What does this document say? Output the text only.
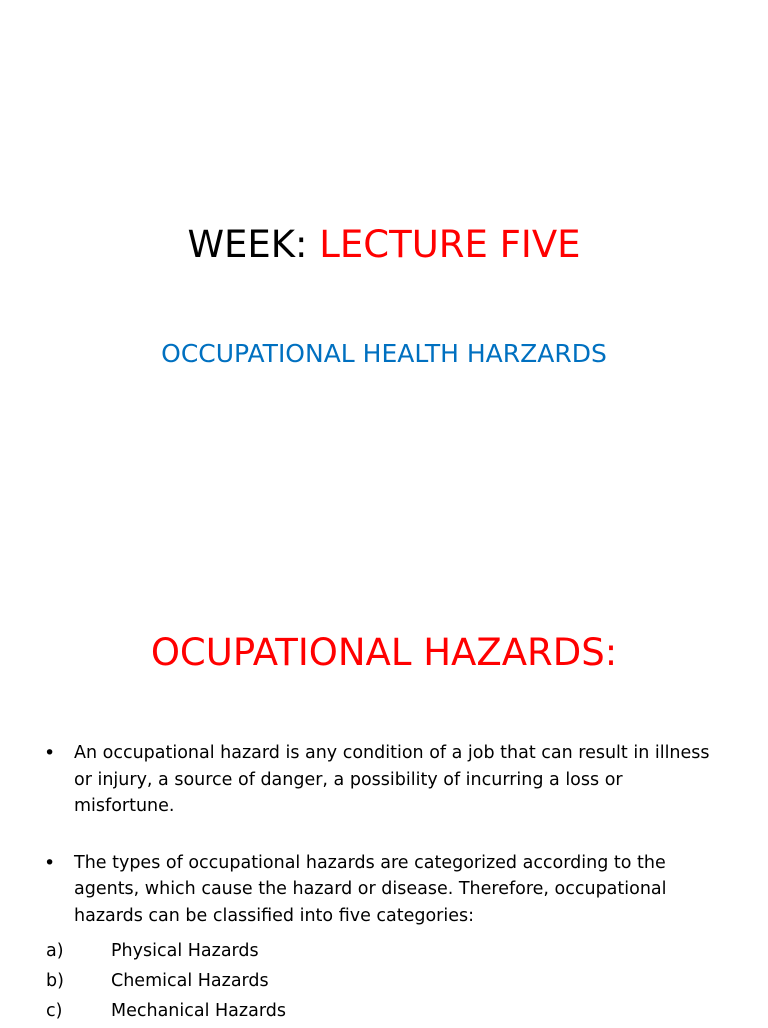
WEEK: LECTURE FIVE
OCCUPATIONAL HEALTH HARZARDS
OCUPATIONAL HAZARDS:
• An occupational hazard is any condition of a job that can result in illness or injury, a source of danger, a possibility of incurring a loss or misfortune.
• The types of occupational hazards are categorized according to the agents, which cause the hazard or disease. Therefore, occupational hazards can be classified into five categories:
a)	Physical Hazards
b)	Chemical Hazards
c)	Mechanical Hazards
